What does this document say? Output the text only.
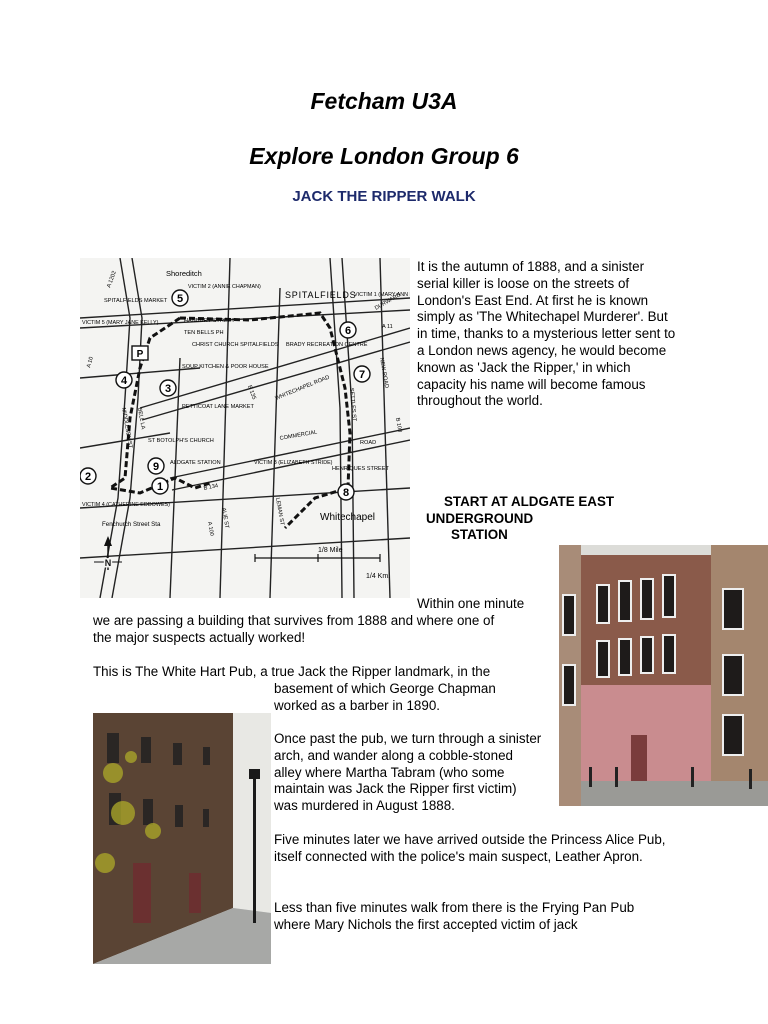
Fetcham U3A
Explore London Group 6
JACK THE RIPPER WALK
5
6
7
3
4
9
2
1	8
P
Shoreditch
SPITALFIELDS
Whitechapel
Fenchurch Street Sta
SPITALFIELDS MARKET
HANBURY STREET
TEN BELLS PH
CHRIST CHURCH SPITALFIELDS BRADY RECREATION CENTRE
SOUP KITCHEN & POOR HOUSE
PETTICOAT LANE MARKET
ST BOTOLPH'S CHURCH
ALDGATE STATION
HENRIQUES STREET
A 1202
A 11
B 135	WHITECHAPEL ROAD	NEW ROAD
B 108
SETTLES ST
COMMERCIAL
ROAD
DURWARD
BELL LA
MIDDLESEX ST
A 10
B 134
ALIE ST	LEMAN ST
A 100
VICTIM 2 (ANNIE CHAPMAN)
VICTIM 1 (MARY ANN
VICTIM 5 (MARY JANE KELLY)
VICTIM 3 (ELIZABETH STRIDE)
VICTIM 4 (CATHERINE EDDOWES)
N
1/8 Mile
1/4 Km.
It is the autumn of 1888, and a sinister serial killer is loose on the streets of London's East End. At first he is known simply as 'The Whitechapel Murderer'. But in time, thanks to a mysterious letter sent to a London news agency, he would become known as 'Jack the Ripper,' in which capacity his name will become famous throughout the world.
START AT ALDGATE EAST
UNDERGROUND
STATION
Within one minute
we are passing a building that survives from 1888 and where one of
the major suspects actually worked!
This is The White Hart Pub, a true Jack the Ripper landmark, in the
basement of which George Chapman
worked as a barber in 1890.
Once past the pub, we turn through a sinister arch, and wander along a cobble-stoned alley where Martha Tabram (who some maintain was Jack the Ripper first victim) was murdered in August 1888.
Five minutes later we have arrived outside the Princess Alice Pub, itself connected with the police's main suspect, Leather Apron.
Less than five minutes walk from there is the Frying Pan Pub where Mary Nichols the first accepted victim of jack
